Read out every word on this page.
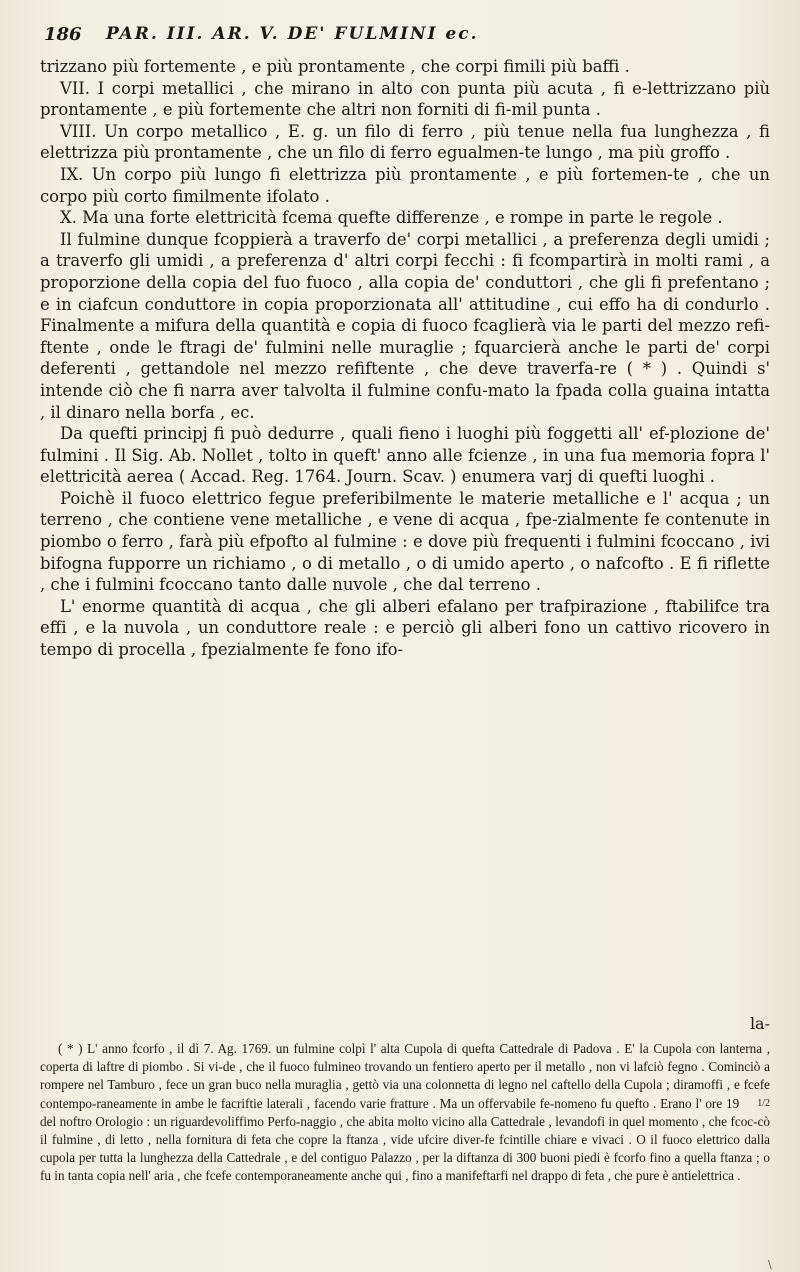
186 PAR. III. AR. V. DE' FULMINI ec.

trizzano più fortemente , e più prontamente , che corpi fimili più baffi .

VII. I corpi metallici , che mirano in alto con punta più acuta , fi e-lettrizzano più prontamente , e più fortemente che altri non forniti di fi-mil punta .

VIII. Un corpo metallico , E. g. un filo di ferro , più tenue nella fua lunghezza , fi elettrizza più prontamente , che un filo di ferro egualmen-te lungo , ma più groffo .

IX. Un corpo più lungo fi elettrizza più prontamente , e più fortemen-te , che un corpo più corto fimilmente ifolato .

X. Ma una forte elettricità fcema quefte differenze , e rompe in parte le regole .

Il fulmine dunque fcoppierà a traverfo de' corpi metallici , a preferenza degli umidi ; a traverfo gli umidi , a preferenza d' altri corpi fecchi : fi fcompartirà in molti rami , a proporzione della copia del fuo fuoco , alla copia de' conduttori , che gli fi prefentano ; e in ciafcun conduttore in copia proporzionata all' attitudine , cui effo ha di condurlo . Finalmente a mifura della quantità e copia di fuoco fcaglierà via le parti del mezzo refi-ftente , onde le ftragi de' fulmini nelle muraglie ; fquarcierà anche le parti de' corpi deferenti , gettandole nel mezzo refiftente , che deve traverfa-re ( * ) . Quindi s' intende ciò che fi narra aver talvolta il fulmine confu-mato la fpada colla guaina intatta , il dinaro nella borfa , ec.

Da quefti principj fi può dedurre , quali fieno i luoghi più foggetti all' ef-plozione de' fulmini . Il Sig. Ab. Nollet , tolto in queft' anno alle fcienze , in una fua memoria fopra l' elettricità aerea ( Accad. Reg. 1764. Journ. Scav. ) enumera varj di quefti luoghi .

Poichè il fuoco elettrico fegue preferibilmente le materie metalliche e l' acqua ; un terreno , che contiene vene metalliche , e vene di acqua , fpe-zialmente fe contenute in piombo o ferro , farà più efpofto al fulmine : e dove più frequenti i fulmini fcoccano , ivi bifogna fupporre un richiamo , o di metallo , o di umido aperto , o nafcofto . E fi riflette , che i fulmini fcoccano tanto dalle nuvole , che dal terreno .

L' enorme quantità di acqua , che gli alberi efalano per trafpirazione , ftabilifce tra effi , e la nuvola , un conduttore reale : e perciò gli alberi fono un cattivo ricovero in tempo di procella , fpezialmente fe fono ifo-

la-
( * ) L' anno fcorfo , il dì 7. Ag. 1769. un fulmine colpì l' alta Cupola di quefta Cattedrale di Padova . E' la Cupola con lanterna , coperta di laftre di piombo . Si vi-de , che il fuoco fulmineo trovando un fentiero aperto per il metallo , non vi lafciò fegno . Cominciò a rompere nel Tamburo , fece un gran buco nella muraglia , gettò via una colonnetta di legno nel caftello della Cupola ; diramoffi , e fcefe contempo-raneamente in ambe le facriftie laterali , facendo varie fratture . Ma un offervabile fe-nomeno fu quefto . Erano l' ore 19 1/2 del noftro Orologio : un riguardevoliffimo Perfo-naggio , che abita molto vicino alla Cattedrale , levandofi in quel momento , che fcoc-cò il fulmine , di letto , nella fornitura di feta che copre la ftanza , vide ufcire diver-fe fcintille chiare e vivaci . O il fuoco elettrico dalla cupola per tutta la lunghezza della Cattedrale , e del contiguo Palazzo , per la diftanza di 300 buoni piedi è fcorfo fino a quella ftanza ; o fu in tanta copia nell' aria , che fcefe contemporaneamente anche qui , fino a manifeftarfi nel drappo di feta , che pure è antielettrica .
\
